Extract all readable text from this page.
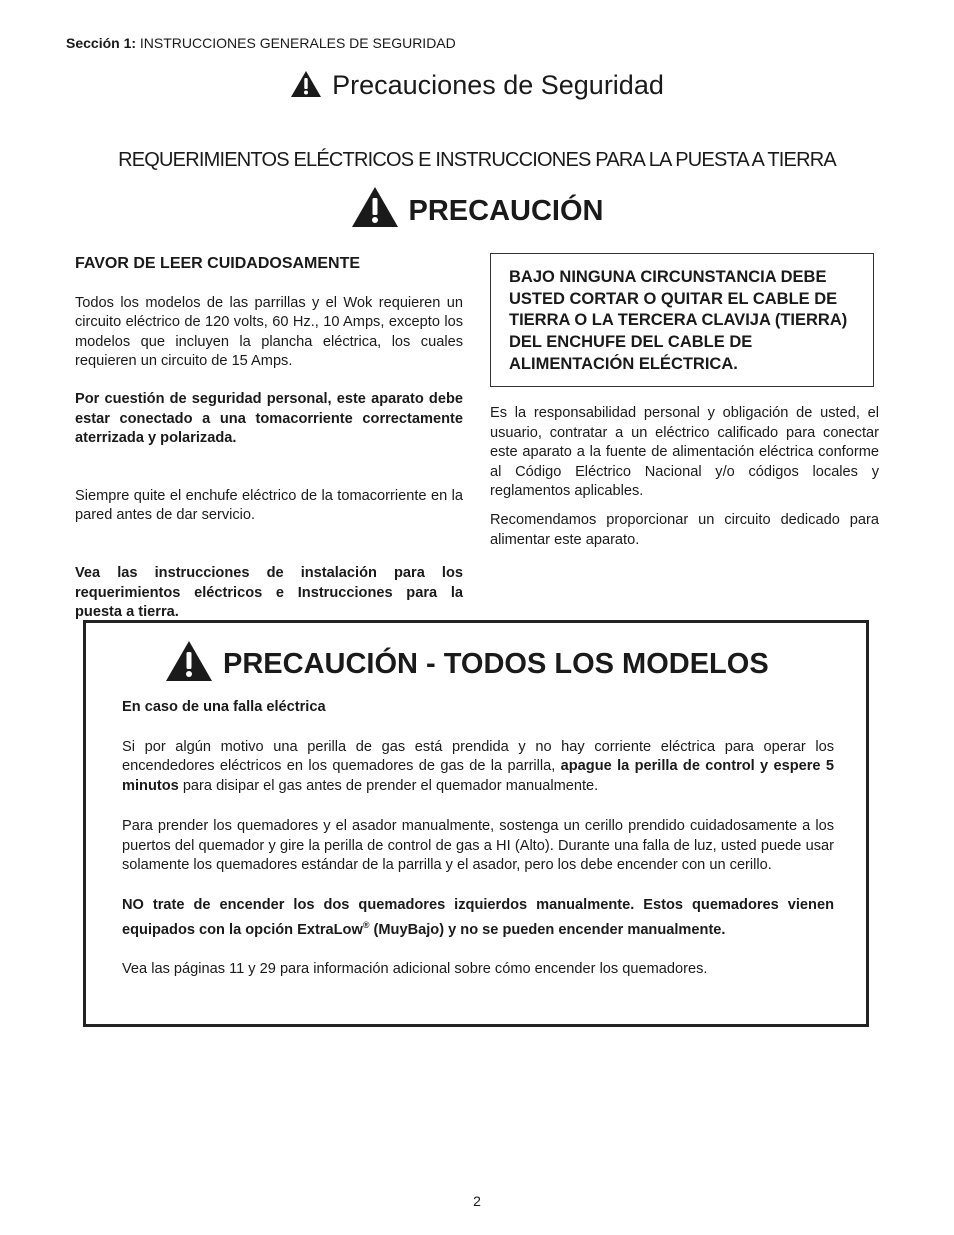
Sección 1: INSTRUCCIONES GENERALES DE SEGURIDAD
Precauciones de Seguridad
REQUERIMIENTOS ELÉCTRICOS E INSTRUCCIONES PARA LA PUESTA A TIERRA
PRECAUCIÓN
FAVOR DE LEER CUIDADOSAMENTE

Todos los modelos de las parrillas y el Wok requieren un circuito eléctrico de 120 volts, 60 Hz., 10 Amps, excepto los modelos que incluyen la plancha eléctrica, los cuales requieren un circuito de 15 Amps.

Por cuestión de seguridad personal, este aparato debe estar conectado a una tomacorriente correctamente aterrizada y polarizada.

Siempre quite el enchufe eléctrico de la tomacorriente en la pared antes de dar servicio.

Vea las instrucciones de instalación para los requerimientos eléctricos e Instrucciones para la puesta a tierra.

BAJO NINGUNA CIRCUNSTANCIA DEBE USTED CORTAR O QUITAR EL CABLE DE TIERRA O LA TERCERA CLAVIJA (TIERRA) DEL ENCHUFE DEL CABLE DE ALIMENTACIÓN ELÉCTRICA.

Es la responsabilidad personal y obligación de usted, el usuario, contratar a un eléctrico calificado para conectar este aparato a la fuente de alimentación eléctrica conforme al Código Eléctrico Nacional y/o códigos locales y reglamentos aplicables.

Recomendamos proporcionar un circuito dedicado para alimentar este aparato.

PRECAUCIÓN - TODOS LOS MODELOS

En caso de una falla eléctrica

Si por algún motivo una perilla de gas está prendida y no hay corriente eléctrica para operar los encendedores eléctricos en los quemadores de gas de la parrilla, apague la perilla de control y espere 5 minutos para disipar el gas antes de prender el quemador manualmente.

Para prender los quemadores y el asador manualmente, sostenga un cerillo prendido cuidadosamente a los puertos del quemador y gire la perilla de control de gas a HI (Alto). Durante una falla de luz, usted puede usar solamente los quemadores estándar de la parrilla y el asador, pero los debe encender con un cerillo.

NO trate de encender los dos quemadores izquierdos manualmente. Estos quemadores vienen equipados con la opción ExtraLow® (MuyBajo) y no se pueden encender manualmente.

Vea las páginas 11 y 29 para información adicional sobre cómo encender los quemadores.

2
